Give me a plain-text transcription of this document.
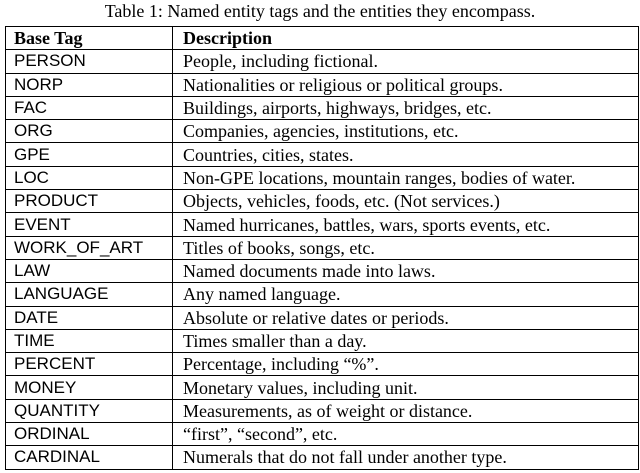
Table 1: Named entity tags and the entities they encompass.
Base Tag	Description
PERSON	People, including fictional.
NORP	Nationalities or religious or political groups.
FAC	Buildings, airports, highways, bridges, etc.
ORG	Companies, agencies, institutions, etc.
GPE	Countries, cities, states.
LOC	Non-GPE locations, mountain ranges, bodies of water.
PRODUCT	Objects, vehicles, foods, etc. (Not services.)
EVENT	Named hurricanes, battles, wars, sports events, etc.
WORK_OF_ART	Titles of books, songs, etc.
LAW	Named documents made into laws.
LANGUAGE	Any named language.
DATE	Absolute or relative dates or periods.
TIME	Times smaller than a day.
PERCENT	Percentage, including “%”.
MONEY	Monetary values, including unit.
QUANTITY	Measurements, as of weight or distance.
ORDINAL	“first”, “second”, etc.
CARDINAL	Numerals that do not fall under another type.
